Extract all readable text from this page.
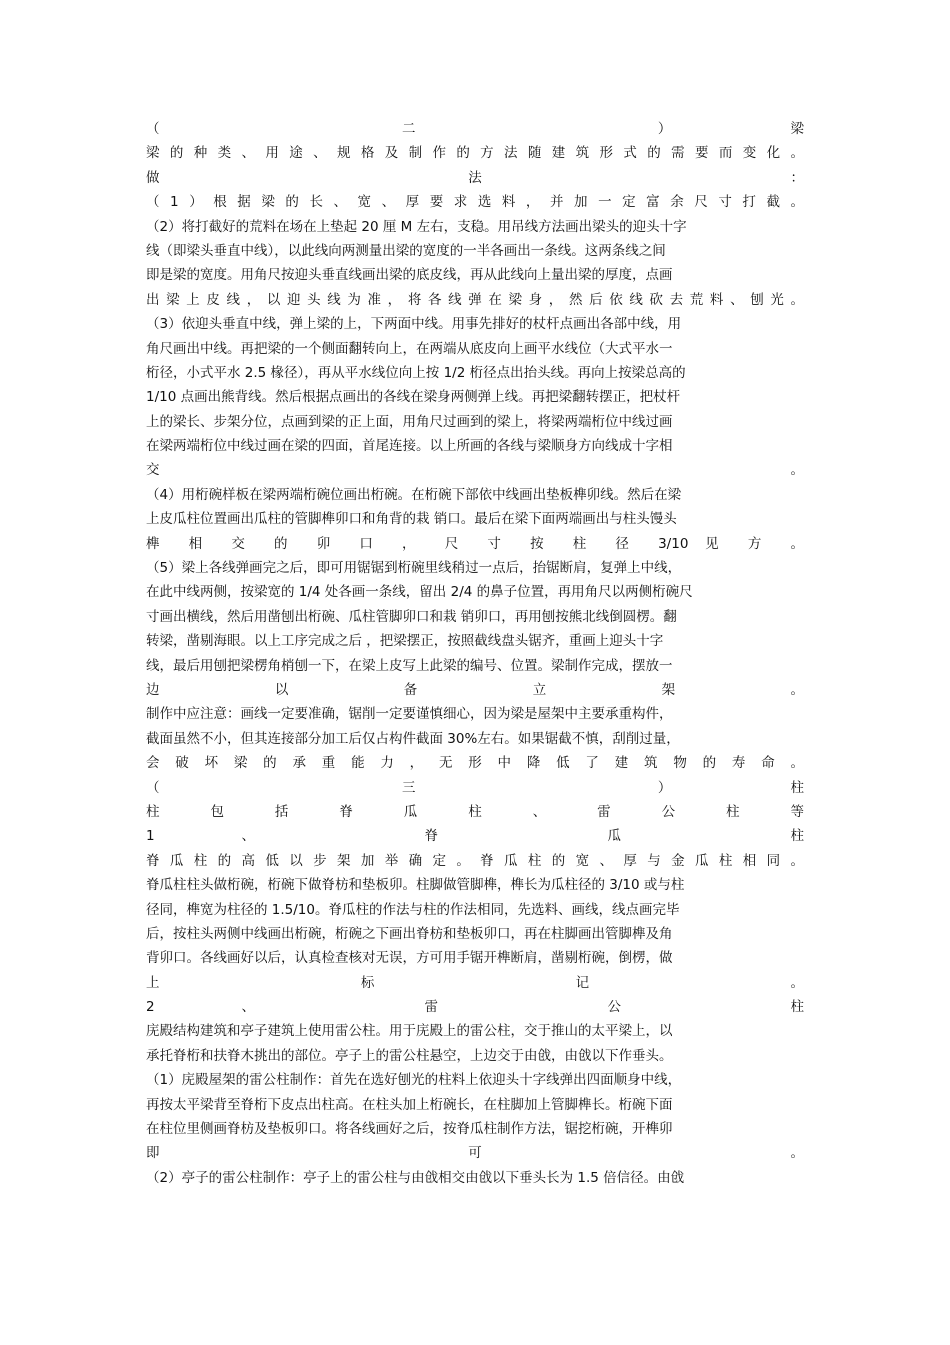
（ 二 ）梁
梁的种类、用途、规格及制作的方法随建筑形式的需要而变化。
做 法 ：
（1）根据梁的长、宽、厚要求选料，并加一定富余尺寸打截。
（2）将打截好的荒料在场在上垫起 20 厘 M 左右，支稳。用吊线方法画出梁头的迎头十字
线（即梁头垂直中线），以此线向两测量出梁的宽度的一半各画出一条线。这两条线之间
即是梁的宽度。用角尺按迎头垂直线画出梁的底皮线，再从此线向上量出梁的厚度，点画
出梁上皮线，以迎头线为准，将各线弹在梁身，然后依线砍去荒料、刨光。
（3）依迎头垂直中线，弹上梁的上，下两面中线。用事先排好的杖杆点画出各部中线，用
角尺画出中线。再把梁的一个侧面翻转向上，在两端从底皮向上画平水线位（大式平水一
桁径，小式平水 2.5 椽径），再从平水线位向上按 1/2 桁径点出抬头线。再向上按梁总高的
1/10 点画出熊背线。然后根据点画出的各线在梁身两侧弹上线。再把梁翻转摆正，把杖杆
上的梁长、步架分位，点画到梁的正上面，用角尺过画到的梁上，将梁两端桁位中线过画
在梁两端桁位中线过画在梁的四面，首尾连接。以上所画的各线与梁顺身方向线成十字相
交 。
（4）用桁碗样板在梁两端桁碗位画出桁碗。在桁碗下部依中线画出垫板榫卯线。然后在梁
上皮瓜柱位置画出瓜柱的管脚榫卯口和角背的栽 销口。最后在梁下面两端画出与柱头馒头
榫 相 交 的 卯 口 ， 尺 寸 按 柱 径 3/10 见 方 。
（5）梁上各线弹画完之后，即可用锯锯到桁碗里线稍过一点后，抬锯断肩，复弹上中线，
在此中线两侧，按梁宽的 1/4 处各画一条线，留出 2/4 的鼻子位置，再用角尺以两侧桁碗尺
寸画出横线，然后用凿刨出桁碗、瓜柱管脚卯口和栽 销卯口，再用刨按熊北线倒圆楞。翻
转梁，凿剔海眼。以上工序完成之后 ，把梁摆正，按照截线盘头锯齐，重画上迎头十字
线，最后用刨把梁楞角梢刨一下，在梁上皮写上此梁的编号、位置。梁制作完成，摆放一
边 以 备 立 架 。
制作中应注意：画线一定要准确，锯削一定要谨慎细心，因为梁是屋架中主要承重构件，
截面虽然不小，但其连接部分加工后仅占构件截面 30%左右。如果锯截不慎，刮削过量，
会破坏梁的承重能力，无形中降低了建筑物的寿命。
（ 三 ）柱
柱 包 括 脊 瓜 柱 、 雷 公 柱 等
1 、 脊 瓜 柱
脊瓜柱的高低以步架加举确定。脊瓜柱的宽、厚与金瓜柱相同。
脊瓜柱柱头做桁碗，桁碗下做脊枋和垫板卯。柱脚做管脚榫，榫长为瓜柱径的 3/10 或与柱
径同，榫宽为柱径的 1.5/10。脊瓜柱的作法与柱的作法相同，先选料、画线，线点画完毕
后，按柱头两侧中线画出桁碗，桁碗之下画出脊枋和垫板卯口，再在柱脚画出管脚榫及角
背卯口。各线画好以后，认真检查核对无误，方可用手锯开榫断肩，凿剔桁碗，倒楞，做
上 标 记 。
2 、 雷 公 柱
庑殿结构建筑和亭子建筑上使用雷公柱。用于庑殿上的雷公柱，交于推山的太平梁上，以
承托脊桁和扶脊木挑出的部位。亭子上的雷公柱悬空，上边交于由戗，由戗以下作垂头。
（1）庑殿屋架的雷公柱制作：首先在选好刨光的柱料上依迎头十字线弹出四面顺身中线，
再按太平梁背至脊桁下皮点出柱高。在柱头加上桁碗长，在柱脚加上管脚榫长。桁碗下面
在柱位里侧画脊枋及垫板卯口。将各线画好之后，按脊瓜柱制作方法，锯挖桁碗，开榫卯
即 可 。
（2）亭子的雷公柱制作：亭子上的雷公柱与由戗相交由戗以下垂头长为 1.5 倍信径。由戗
